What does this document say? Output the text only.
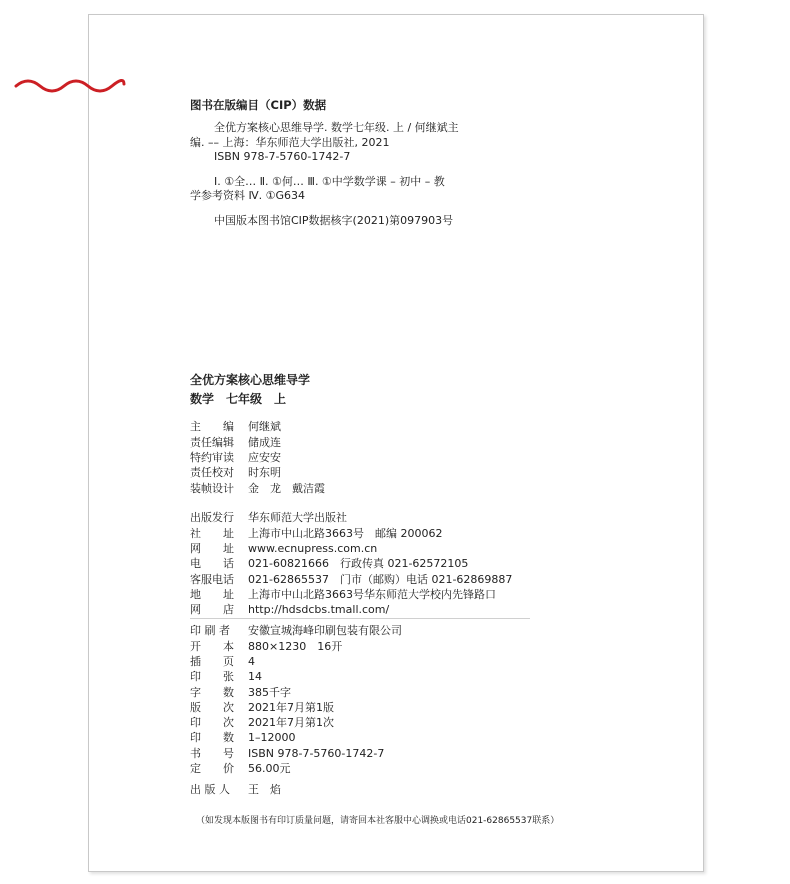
图书在版编目（CIP）数据
全优方案核心思维导学. 数学七年级. 上 / 何继斌主
编. –– 上海：华东师范大学出版社, 2021
ISBN 978-7-5760-1742-7
Ⅰ. ①全… Ⅱ. ①何… Ⅲ. ①中学数学课 – 初中 – 教
学参考资料 Ⅳ. ①G634
中国版本图书馆CIP数据核字(2021)第097903号
全优方案核心思维导学
数学　七年级　上
主　　编	何继斌
责任编辑	储成连
特约审读	应安安
责任校对	时东明
装帧设计	金　龙　戴洁霞
出版发行	华东师范大学出版社
社　　址	上海市中山北路3663号　邮编 200062
网　　址	www.ecnupress.com.cn
电　　话	021-60821666　行政传真 021-62572105
客服电话	021-62865537　门市（邮购）电话 021-62869887
地　　址	上海市中山北路3663号华东师范大学校内先锋路口
网　　店	http://hdsdcbs.tmall.com/
印 刷 者	安徽宣城海峰印刷包装有限公司
开　　本	880×1230　16开
插　　页	4
印　　张	14
字　　数	385千字
版　　次	2021年7月第1版
印　　次	2021年7月第1次
印　　数	1–12000
书　　号	ISBN 978-7-5760-1742-7
定　　价	56.00元
出 版 人	王　焰
（如发现本版图书有印订质量问题，请寄回本社客服中心调换或电话021-62865537联系）
